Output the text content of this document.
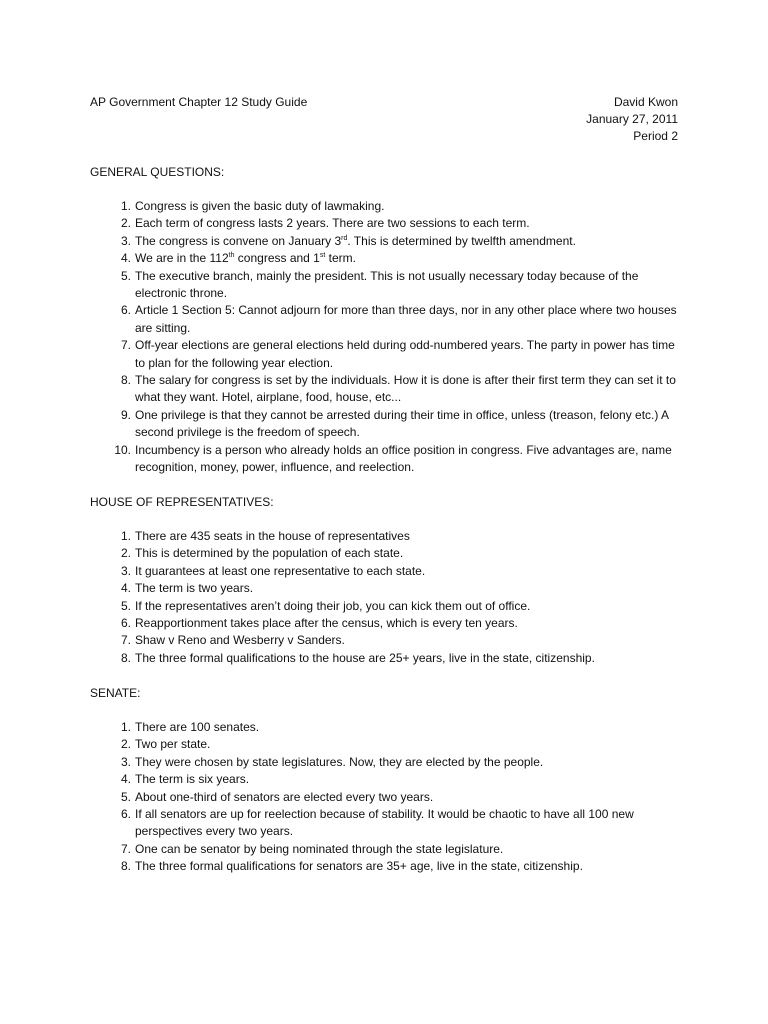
AP Government Chapter 12 Study Guide	David Kwon
January 27, 2011
Period 2
GENERAL QUESTIONS:
1. Congress is given the basic duty of lawmaking.
2. Each term of congress lasts 2 years. There are two sessions to each term.
3. The congress is convene on January 3rd. This is determined by twelfth amendment.
4. We are in the 112th congress and 1st term.
5. The executive branch, mainly the president. This is not usually necessary today because of the electronic throne.
6. Article 1 Section 5: Cannot adjourn for more than three days, nor in any other place where two houses are sitting.
7. Off-year elections are general elections held during odd-numbered years. The party in power has time to plan for the following year election.
8. The salary for congress is set by the individuals. How it is done is after their first term they can set it to what they want. Hotel, airplane, food, house, etc...
9. One privilege is that they cannot be arrested during their time in office, unless (treason, felony etc.) A second privilege is the freedom of speech.
10. Incumbency is a person who already holds an office position in congress. Five advantages are, name recognition, money, power, influence, and reelection.
HOUSE OF REPRESENTATIVES:
1. There are 435 seats in the house of representatives
2. This is determined by the population of each state.
3. It guarantees at least one representative to each state.
4. The term is two years.
5. If the representatives aren’t doing their job, you can kick them out of office.
6. Reapportionment takes place after the census, which is every ten years.
7. Shaw v Reno and Wesberry v Sanders.
8. The three formal qualifications to the house are 25+ years, live in the state, citizenship.
SENATE:
1. There are 100 senates.
2. Two per state.
3. They were chosen by state legislatures. Now, they are elected by the people.
4. The term is six years.
5. About one-third of senators are elected every two years.
6. If all senators are up for reelection because of stability. It would be chaotic to have all 100 new perspectives every two years.
7. One can be senator by being nominated through the state legislature.
8. The three formal qualifications for senators are 35+ age, live in the state, citizenship.
